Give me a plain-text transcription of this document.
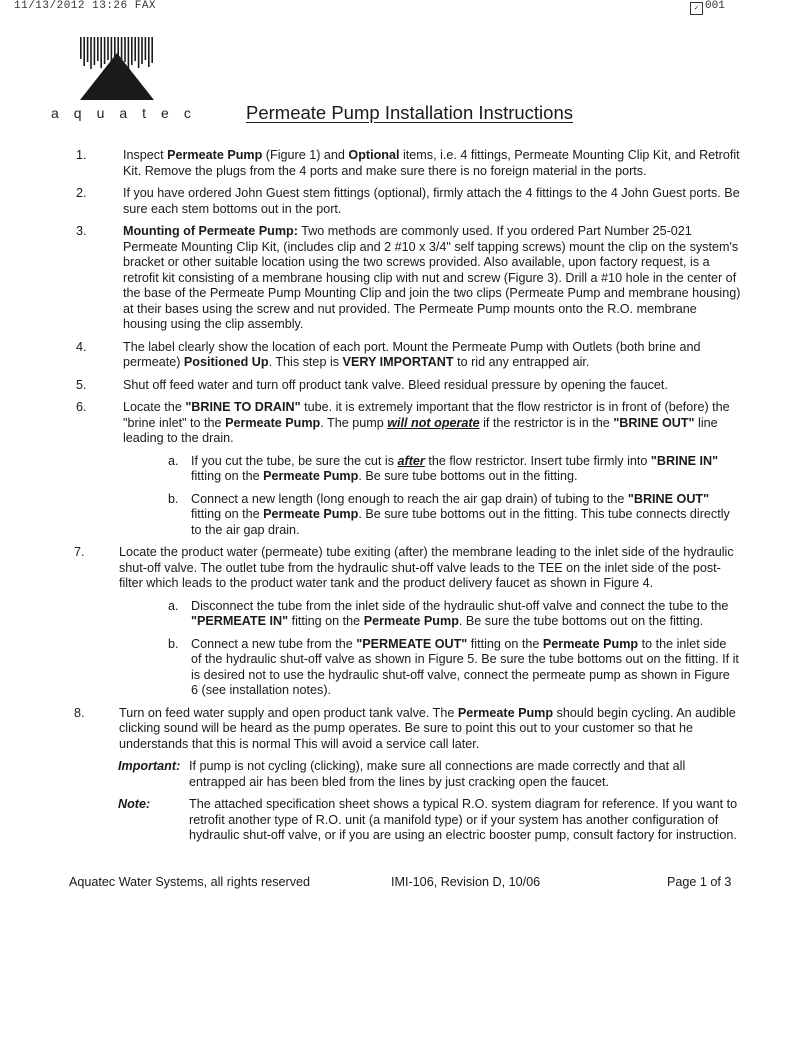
11/13/2012 13:26 FAX	✓ 001
aquatec Permeate Pump Installation Instructions
1.	Inspect Permeate Pump (Figure 1) and Optional items, i.e. 4 fittings, Permeate Mounting Clip Kit, and Retrofit Kit. Remove the plugs from the 4 ports and make sure there is no foreign material in the ports.
2.	If you have ordered John Guest stem fittings (optional), firmly attach the 4 fittings to the 4 John Guest ports. Be sure each stem bottoms out in the port.
3.	Mounting of Permeate Pump: Two methods are commonly used. If you ordered Part Number 25-021 Permeate Mounting Clip Kit, (includes clip and 2 #10 x 3/4" self tapping screws) mount the clip on the system's bracket or other suitable location using the two screws provided. Also available, upon factory request, is a retrofit kit consisting of a membrane housing clip with nut and screw (Figure 3). Drill a #10 hole in the center of the base of the Permeate Pump Mounting Clip and join the two clips (Permeate Pump and membrane housing) at their bases using the screw and nut provided. The Permeate Pump mounts onto the R.O. membrane housing using the clip assembly.
4.	The label clearly show the location of each port. Mount the Permeate Pump with Outlets (both brine and permeate) Positioned Up. This step is VERY IMPORTANT to rid any entrapped air.
5.	Shut off feed water and turn off product tank valve. Bleed residual pressure by opening the faucet.
6.	Locate the "BRINE TO DRAIN" tube. it is extremely important that the flow restrictor is in front of (before) the "brine inlet" to the Permeate Pump. The pump will not operate if the restrictor is in the "BRINE OUT" line leading to the drain.
a. If you cut the tube, be sure the cut is after the flow restrictor. Insert tube firmly into "BRINE IN" fitting on the Permeate Pump. Be sure tube bottoms out in the fitting.
b. Connect a new length (long enough to reach the air gap drain) of tubing to the "BRINE OUT" fitting on the Permeate Pump. Be sure tube bottoms out in the fitting. This tube connects directly to the air gap drain.
7.	Locate the product water (permeate) tube exiting (after) the membrane leading to the inlet side of the hydraulic shut-off valve. The outlet tube from the hydraulic shut-off valve leads to the TEE on the inlet side of the post-filter which leads to the product water tank and the product delivery faucet as shown in Figure 4.
a. Disconnect the tube from the inlet side of the hydraulic shut-off valve and connect the tube to the "PERMEATE IN" fitting on the Permeate Pump. Be sure the tube bottoms out on the fitting.
b. Connect a new tube from the "PERMEATE OUT" fitting on the Permeate Pump to the inlet side of the hydraulic shut-off valve as shown in Figure 5. Be sure the tube bottoms out on the fitting. If it is desired not to use the hydraulic shut-off valve, connect the permeate pump as shown in Figure 6 (see installation notes).
8.	Turn on feed water supply and open product tank valve. The Permeate Pump should begin cycling. An audible clicking sound will be heard as the pump operates. Be sure to point this out to your customer so that he understands that this is normal This will avoid a service call later.
Important: If pump is not cycling (clicking), make sure all connections are made correctly and that all entrapped air has been bled from the lines by just cracking open the faucet.
Note:	The attached specification sheet shows a typical R.O. system diagram for reference. If you want to retrofit another type of R.O. unit (a manifold type) or if your system has another configuration of hydraulic shut-off valve, or if you are using an electric booster pump, consult factory for instruction.
Aquatec Water Systems, all rights reserved	IMI-106, Revision D, 10/06	Page 1 of 3
